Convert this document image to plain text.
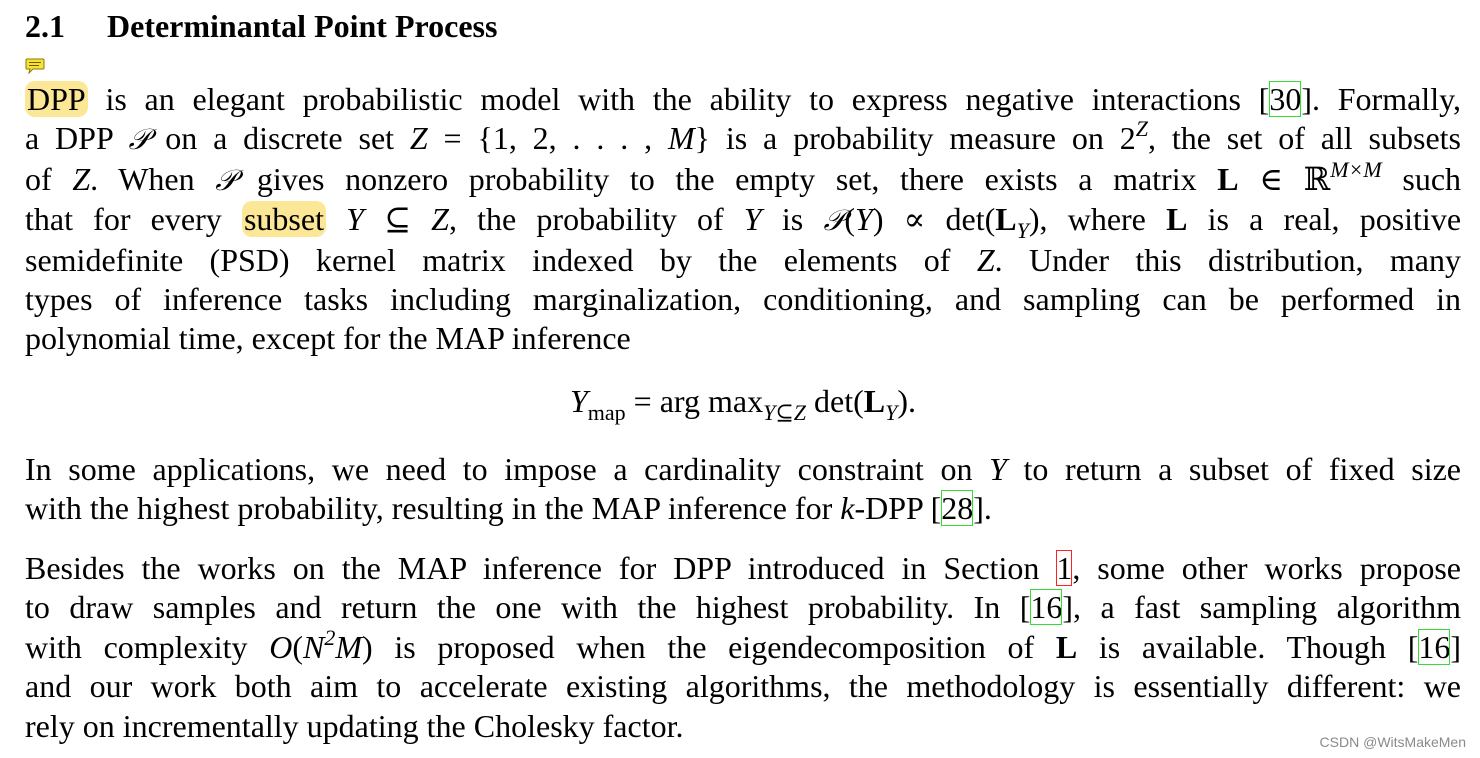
2.1 Determinantal Point Process
DPP is an elegant probabilistic model with the ability to express negative interactions [30]. Formally,
a DPP 𝒫 on a discrete set Z = {1, 2, . . . , M} is a probability measure on $2^Z$, the set of all subsets
of Z. When 𝒫 gives nonzero probability to the empty set, there exists a matrix L ∈ ℝ$^{M\times M}$ such
that for every subset Y ⊆ Z, the probability of Y is 𝒫(Y) ∝ $\det(L_Y)$, where L is a real, positive
semidefinite (PSD) kernel matrix indexed by the elements of Z. Under this distribution, many
types of inference tasks including marginalization, conditioning, and sampling can be performed in
polynomial time, except for the MAP inference
$Y_{map}$ = arg $\max_{Y⊆Z} \det(L_Y)$.
In some applications, we need to impose a cardinality constraint on Y to return a subset of fixed size
with the highest probability, resulting in the MAP inference for k-DPP [28].
Besides the works on the MAP inference for DPP introduced in Section 1, some other works propose
to draw samples and return the one with the highest probability. In [16], a fast sampling algorithm
with complexity $O(N^2M)$ is proposed when the eigendecomposition of L is available. Though [16]
and our work both aim to accelerate existing algorithms, the methodology is essentially different: we
rely on incrementally updating the Cholesky factor.	CSDN @WitsMakeMen
